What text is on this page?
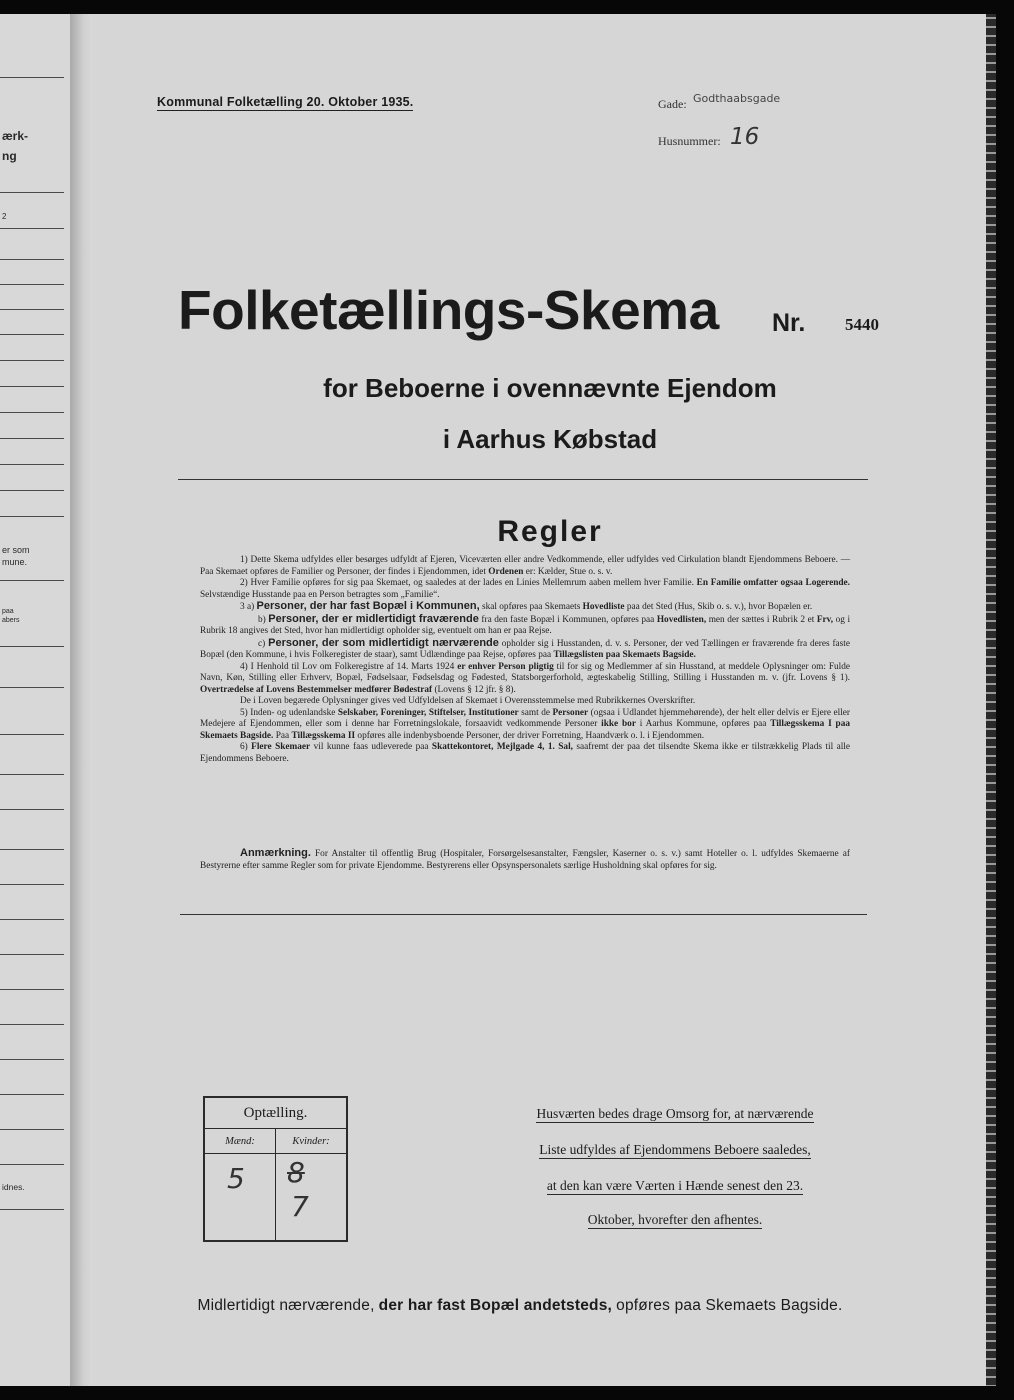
ærk-
ng
2
er som
mune.
paa
abers
idnes.
Kommunal Folketælling 20. Oktober 1935.	Gade: Godthaabsgade
Husnummer: 16
Folketællings-Skema Nr. 5440
for Beboerne i ovennævnte Ejendom
i Aarhus Købstad
Regler

1) Dette Skema udfyldes eller besørges udfyldt af Ejeren, Viceværten eller andre Vedkommende, eller udfyldes ved Cirkulation blandt Ejendommens Beboere. — Paa Skemaet opføres de Familier og Personer, der findes i Ejendommen, idet Ordenen er: Kælder, Stue o. s. v.

2) Hver Familie opføres for sig paa Skemaet, og saaledes at der lades en Linies Mellemrum aaben mellem hver Familie. En Familie omfatter ogsaa Logerende. Selvstændige Husstande paa en Person betragtes som „Familie“.

3 a) Personer, der har fast Bopæl i Kommunen, skal opføres paa Skemaets Hovedliste paa det Sted (Hus, Skib o. s. v.), hvor Bopælen er.

b) Personer, der er midlertidigt fraværende fra den faste Bopæl i Kommunen, opføres paa Hovedlisten, men der sættes i Rubrik 2 et Frv, og i Rubrik 18 angives det Sted, hvor han midlertidigt opholder sig, eventuelt om han er paa Rejse.

c) Personer, der som midlertidigt nærværende opholder sig i Husstanden, d. v. s. Personer, der ved Tællingen er fraværende fra deres faste Bopæl (den Kommune, i hvis Folkeregister de staar), samt Udlændinge paa Rejse, opføres paa Tillægslisten paa Skemaets Bagside.

4) I Henhold til Lov om Folkeregistre af 14. Marts 1924 er enhver Person pligtig til for sig og Medlemmer af sin Husstand, at meddele Oplysninger om: Fulde Navn, Køn, Stilling eller Erhverv, Bopæl, Fødselsaar, Fødselsdag og Fødested, Statsborgerforhold, ægteskabelig Stilling, Stilling i Husstanden m. v. (jfr. Lovens § 1). Overtrædelse af Lovens Bestemmelser medfører Bødestraf (Lovens § 12 jfr. § 8).

De i Loven begærede Oplysninger gives ved Udfyldelsen af Skemaet i Overensstemmelse med Rubrikkernes Overskrifter.

5) Inden- og udenlandske Selskaber, Foreninger, Stiftelser, Institutioner samt de Personer (ogsaa i Udlandet hjemmehørende), der helt eller delvis er Ejere eller Medejere af Ejendommen, eller som i denne har Forretningslokale, forsaavidt vedkommende Personer ikke bor i Aarhus Kommune, opføres paa Tillægsskema I paa Skemaets Bagside. Paa Tillægsskema II opføres alle indenbysboende Personer, der driver Forretning, Haandværk o. l. i Ejendommen.

6) Flere Skemaer vil kunne faas udleverede paa Skattekontoret, Mejlgade 4, 1. Sal, saafremt der paa det tilsendte Skema ikke er tilstrækkelig Plads til alle Ejendommens Beboere.

Anmærkning. For Anstalter til offentlig Brug (Hospitaler, Forsørgelsesanstalter, Fængsler, Kaserner o. s. v.) samt Hoteller o. l. udfyldes Skemaerne af Bestyrerne efter samme Regler som for private Ejendomme. Bestyrerens eller Opsynspersonalets særlige Husholdning skal opføres for sig.
Optælling.
Mænd:	Kvinder:
5 8
7
Husværten bedes drage Omsorg for, at nærværende
Liste udfyldes af Ejendommens Beboere saaledes,
at den kan være Værten i Hænde senest den 23.
Oktober, hvorefter den afhentes.
Midlertidigt nærværende, der har fast Bopæl andetsteds, opføres paa Skemaets Bagside.
